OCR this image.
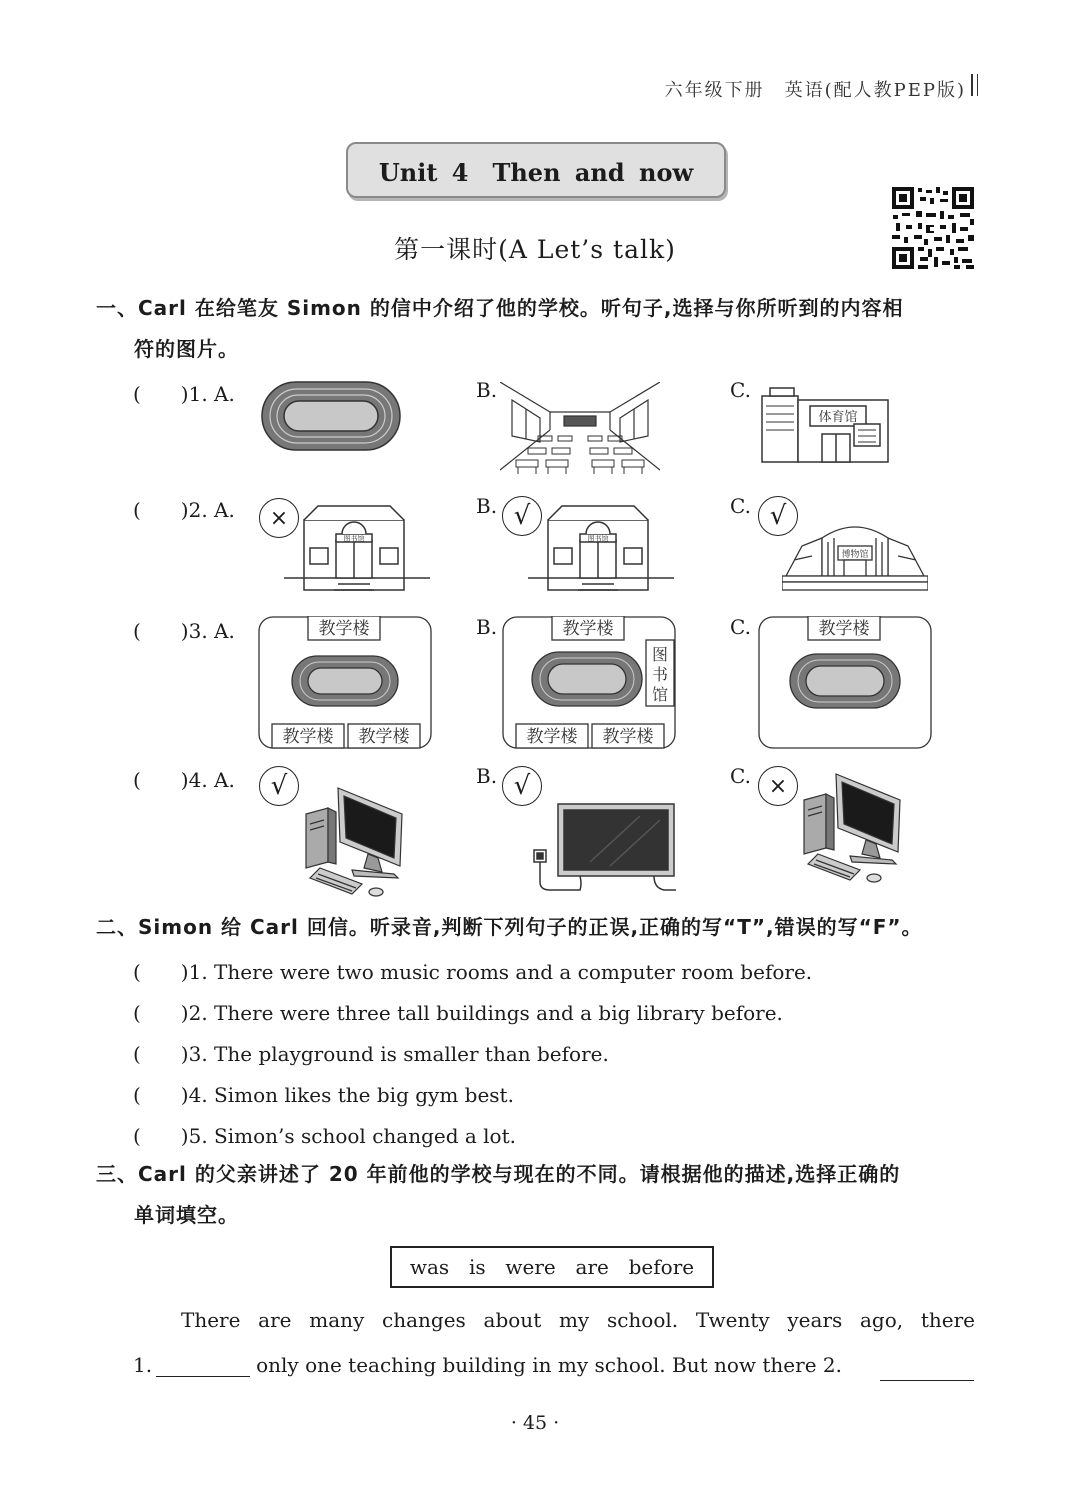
六年级下册　英语(配人教PEP版)
Unit 4　Then and now
第一课时(A Let’s talk)
一、Carl 在给笔友 Simon 的信中介绍了他的学校。听句子,选择与你所听到的内容相
符的图片。
(　　)1. A.	B.	C.
体育馆
(　　)2. A.	B.	C.
×	√	√
图书馆	图书馆
博物馆
(　　)3. A.	B.	C.
教学楼
教学楼 教学楼
教学楼
图书馆
教学楼 教学楼
教学楼
(　　)4. A.	B.	C.
√	√	×
二、Simon 给 Carl 回信。听录音,判断下列句子的正误,正确的写“T”,错误的写“F”。
(　　)1. There were two music rooms and a computer room before.
(　　)2. There were three tall buildings and a big library before.
(　　)3. The playground is smaller than before.
(　　)4. Simon likes the big gym best.
(　　)5. Simon’s school changed a lot.
三、Carl 的父亲讲述了 20 年前他的学校与现在的不同。请根据他的描述,选择正确的
单词填空。
was is were are before
There are many changes about my school. Twenty years ago, there
1.	only one teaching building in my school. But now there 2.
· 45 ·
